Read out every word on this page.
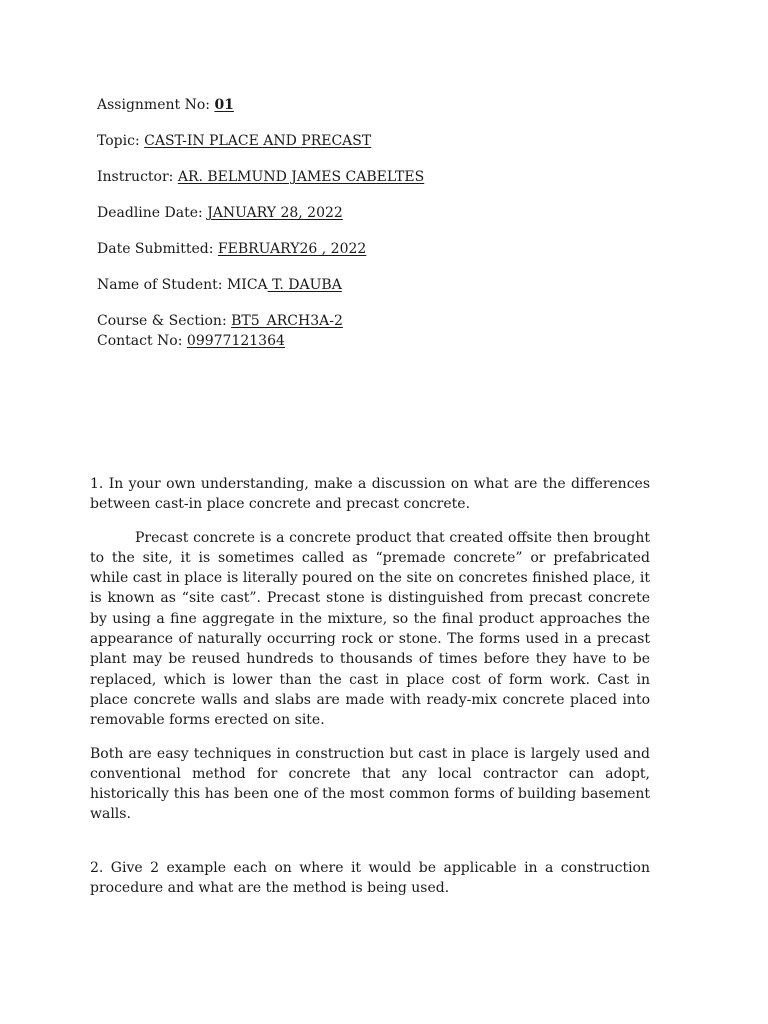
Assignment No: 01
Topic: CAST-IN PLACE AND PRECAST
Instructor: AR. BELMUND JAMES CABELTES
Deadline Date: JANUARY 28, 2022
Date Submitted: FEBRUARY26 , 2022
Name of Student: MICA T. DAUBA
Course & Section: BT5_ARCH3A-2
Contact No: 09977121364

1. In your own understanding, make a discussion on what are the differences between cast-in place concrete and precast concrete.

Precast concrete is a concrete product that created offsite then brought to the site, it is sometimes called as “premade concrete” or prefabricated while cast in place is literally poured on the site on concretes finished place, it is known as “site cast”. Precast stone is distinguished from precast concrete by using a fine aggregate in the mixture, so the final product approaches the appearance of naturally occurring rock or stone. The forms used in a precast plant may be reused hundreds to thousands of times before they have to be replaced, which is lower than the cast in place cost of form work. Cast in place concrete walls and slabs are made with ready-mix concrete placed into removable forms erected on site.

Both are easy techniques in construction but cast in place is largely used and conventional method for concrete that any local contractor can adopt, historically this has been one of the most common forms of building basement walls.

2. Give 2 example each on where it would be applicable in a construction procedure and what are the method is being used.
